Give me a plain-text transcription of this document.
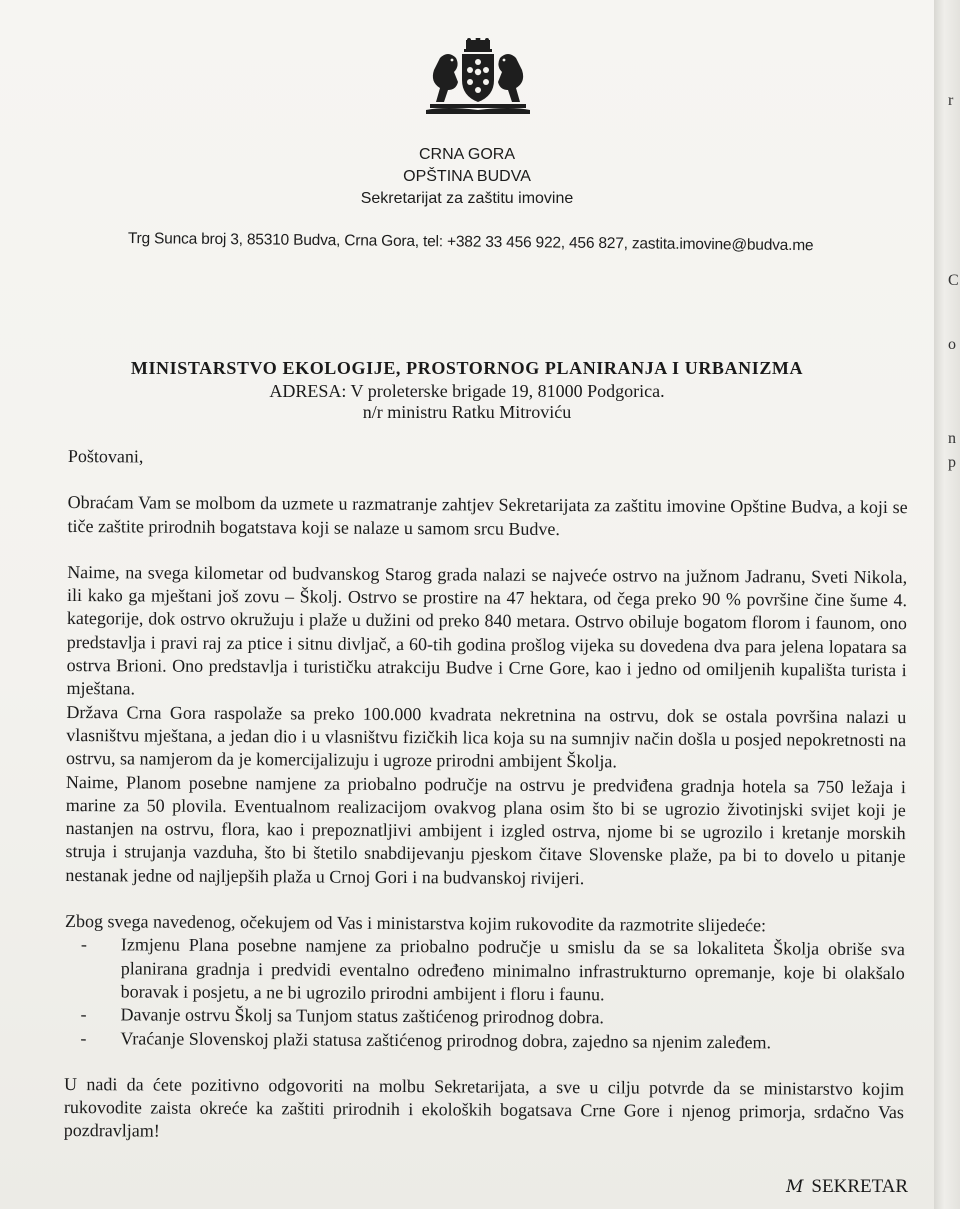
CRNA GORA
OPŠTINA BUDVA
Sekretarijat za zaštitu imovine
Trg Sunca broj 3, 85310 Budva, Crna Gora, tel: +382 33 456 922, 456 827, zastita.imovine@budva.me
MINISTARSTVO EKOLOGIJE, PROSTORNOG PLANIRANJA I URBANIZMA
ADRESA: V proleterske brigade 19, 81000 Podgorica.
n/r ministru Ratku Mitroviću

Poštovani,

Obraćam Vam se molbom da uzmete u razmatranje zahtjev Sekretarijata za zaštitu imovine Opštine Budva, a koji se tiče zaštite prirodnih bogatstava koji se nalaze u samom srcu Budve.

Naime, na svega kilometar od budvanskog Starog grada nalazi se najveće ostrvo na južnom Jadranu, Sveti Nikola, ili kako ga mještani još zovu – Školj. Ostrvo se prostire na 47 hektara, od čega preko 90 % površine čine šume 4. kategorije, dok ostrvo okružuju i plaže u dužini od preko 840 metara. Ostrvo obiluje bogatom florom i faunom, ono predstavlja i pravi raj za ptice i sitnu divljač, a 60-tih godina prošlog vijeka su dovedena dva para jelena lopatara sa ostrva Brioni. Ono predstavlja i turističku atrakciju Budve i Crne Gore, kao i jedno od omiljenih kupališta turista i mještana.

Država Crna Gora raspolaže sa preko 100.000 kvadrata nekretnina na ostrvu, dok se ostala površina nalazi u vlasništvu mještana, a jedan dio i u vlasništvu fizičkih lica koja su na sumnjiv način došla u posjed nepokretnosti na ostrvu, sa namjerom da je komercijalizuju i ugroze prirodni ambijent Školja.

Naime, Planom posebne namjene za priobalno područje na ostrvu je predviđena gradnja hotela sa 750 ležaja i marine za 50 plovila. Eventualnom realizacijom ovakvog plana osim što bi se ugrozio životinjski svijet koji je nastanjen na ostrvu, flora, kao i prepoznatljivi ambijent i izgled ostrva, njome bi se ugrozilo i kretanje morskih struja i strujanja vazduha, što bi štetilo snabdijevanju pjeskom čitave Slovenske plaže, pa bi to dovelo u pitanje nestanak jedne od najljepših plaža u Crnoj Gori i na budvanskoj rivijeri.

Zbog svega navedenog, očekujem od Vas i ministarstva kojim rukovodite da razmotrite slijedeće:

- Izmjenu Plana posebne namjene za priobalno područje u smislu da se sa lokaliteta Školja obriše sva planirana gradnja i predvidi eventalno određeno minimalno infrastrukturno opremanje, koje bi olakšalo boravak i posjetu, a ne bi ugrozilo prirodni ambijent i floru i faunu.
- Davanje ostrvu Školj sa Tunjom status zaštićenog prirodnog dobra.
- Vraćanje Slovenskoj plaži statusa zaštićenog prirodnog dobra, zajedno sa njenim zaleđem.

U nadi da ćete pozitivno odgovoriti na molbu Sekretarijata, a sve u cilju potvrde da se ministarstvo kojim rukovodite zaista okreće ka zaštiti prirodnih i ekoloških bogatsava Crne Gore i njenog primorja, srdačno Vas pozdravljam!

M SEKRETAR
r
C
o
n
p
